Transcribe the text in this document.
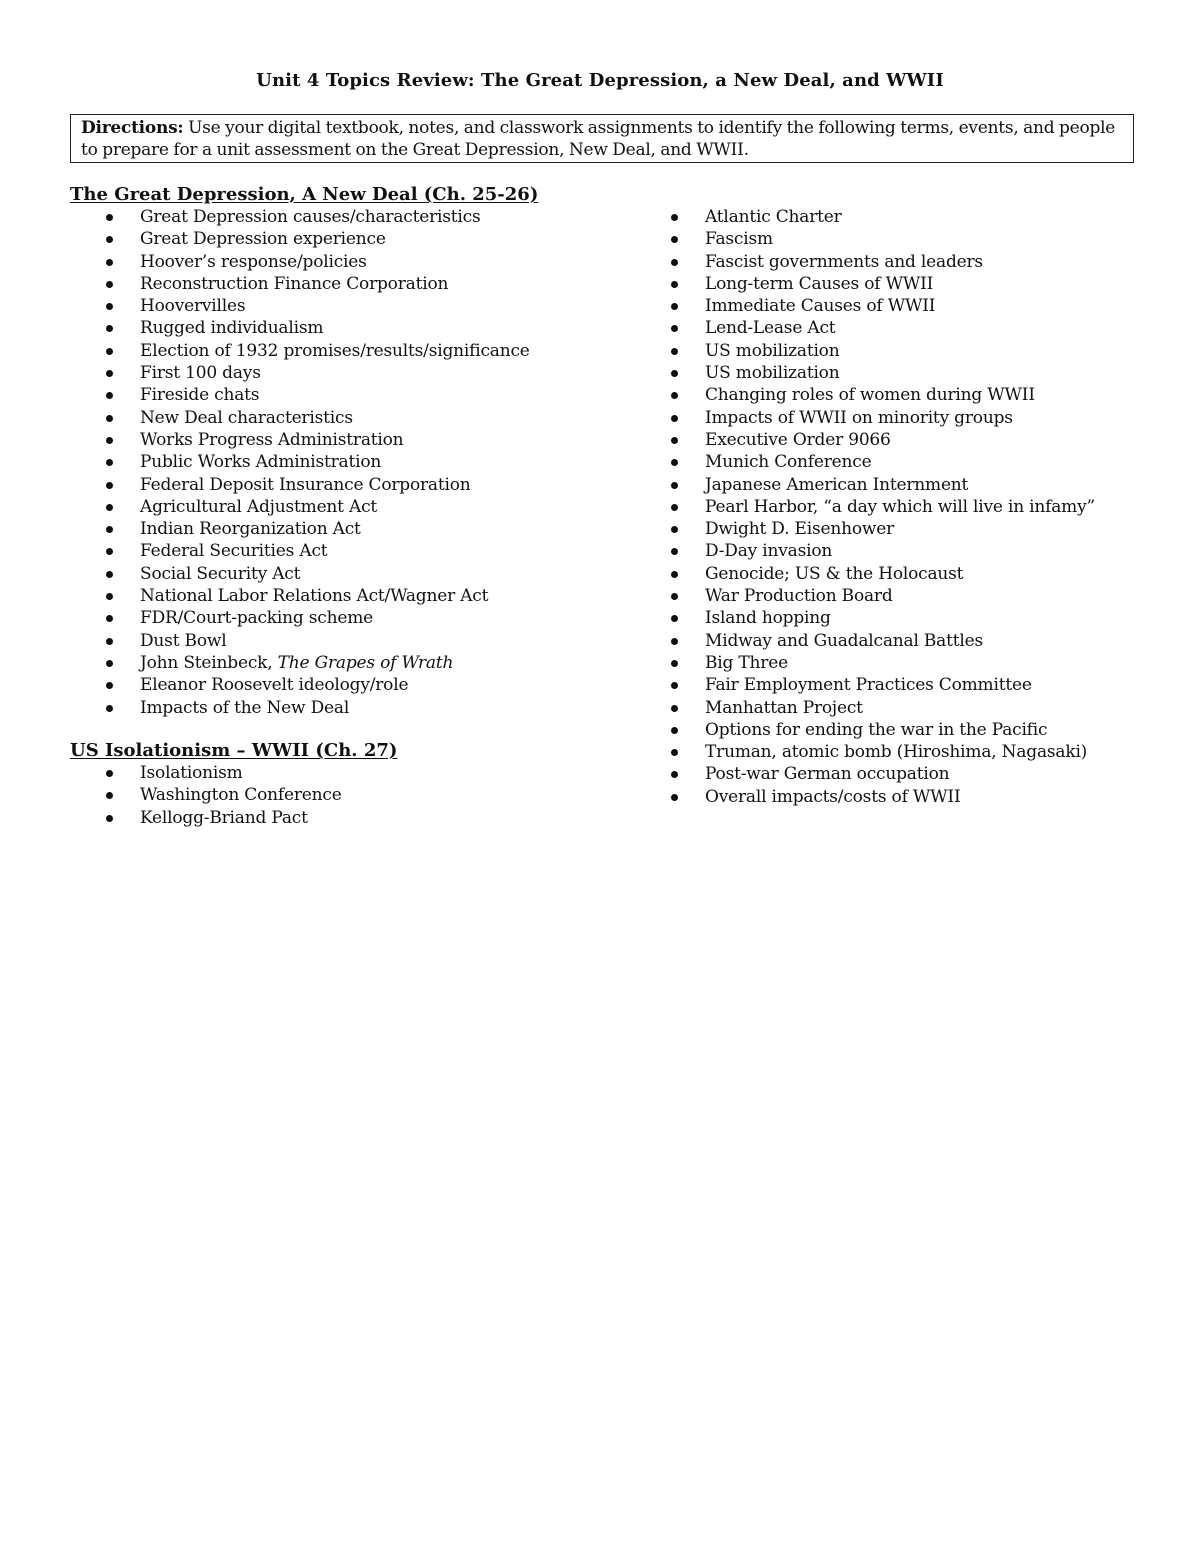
Unit 4 Topics Review: The Great Depression, a New Deal, and WWII
Directions: Use your digital textbook, notes, and classwork assignments to identify the following terms, events, and people to prepare for a unit assessment on the Great Depression, New Deal, and WWII.
The Great Depression, A New Deal (Ch. 25-26)
Great Depression causes/characteristics
Great Depression experience
Hoover’s response/policies
Reconstruction Finance Corporation
Hoovervilles
Rugged individualism
Election of 1932 promises/results/significance
First 100 days
Fireside chats
New Deal characteristics
Works Progress Administration
Public Works Administration
Federal Deposit Insurance Corporation
Agricultural Adjustment Act
Indian Reorganization Act
Federal Securities Act
Social Security Act
National Labor Relations Act/Wagner Act
FDR/Court-packing scheme
Dust Bowl
John Steinbeck, The Grapes of Wrath
Eleanor Roosevelt ideology/role
Impacts of the New Deal
US Isolationism – WWII (Ch. 27)
Isolationism
Washington Conference
Kellogg-Briand Pact
Atlantic Charter
Fascism
Fascist governments and leaders
Long-term Causes of WWII
Immediate Causes of WWII
Lend-Lease Act
US mobilization
US mobilization
Changing roles of women during WWII
Impacts of WWII on minority groups
Executive Order 9066
Munich Conference
Japanese American Internment
Pearl Harbor, “a day which will live in infamy”
Dwight D. Eisenhower
D-Day invasion
Genocide; US & the Holocaust
War Production Board
Island hopping
Midway and Guadalcanal Battles
Big Three
Fair Employment Practices Committee
Manhattan Project
Options for ending the war in the Pacific
Truman, atomic bomb (Hiroshima, Nagasaki)
Post-war German occupation
Overall impacts/costs of WWII
